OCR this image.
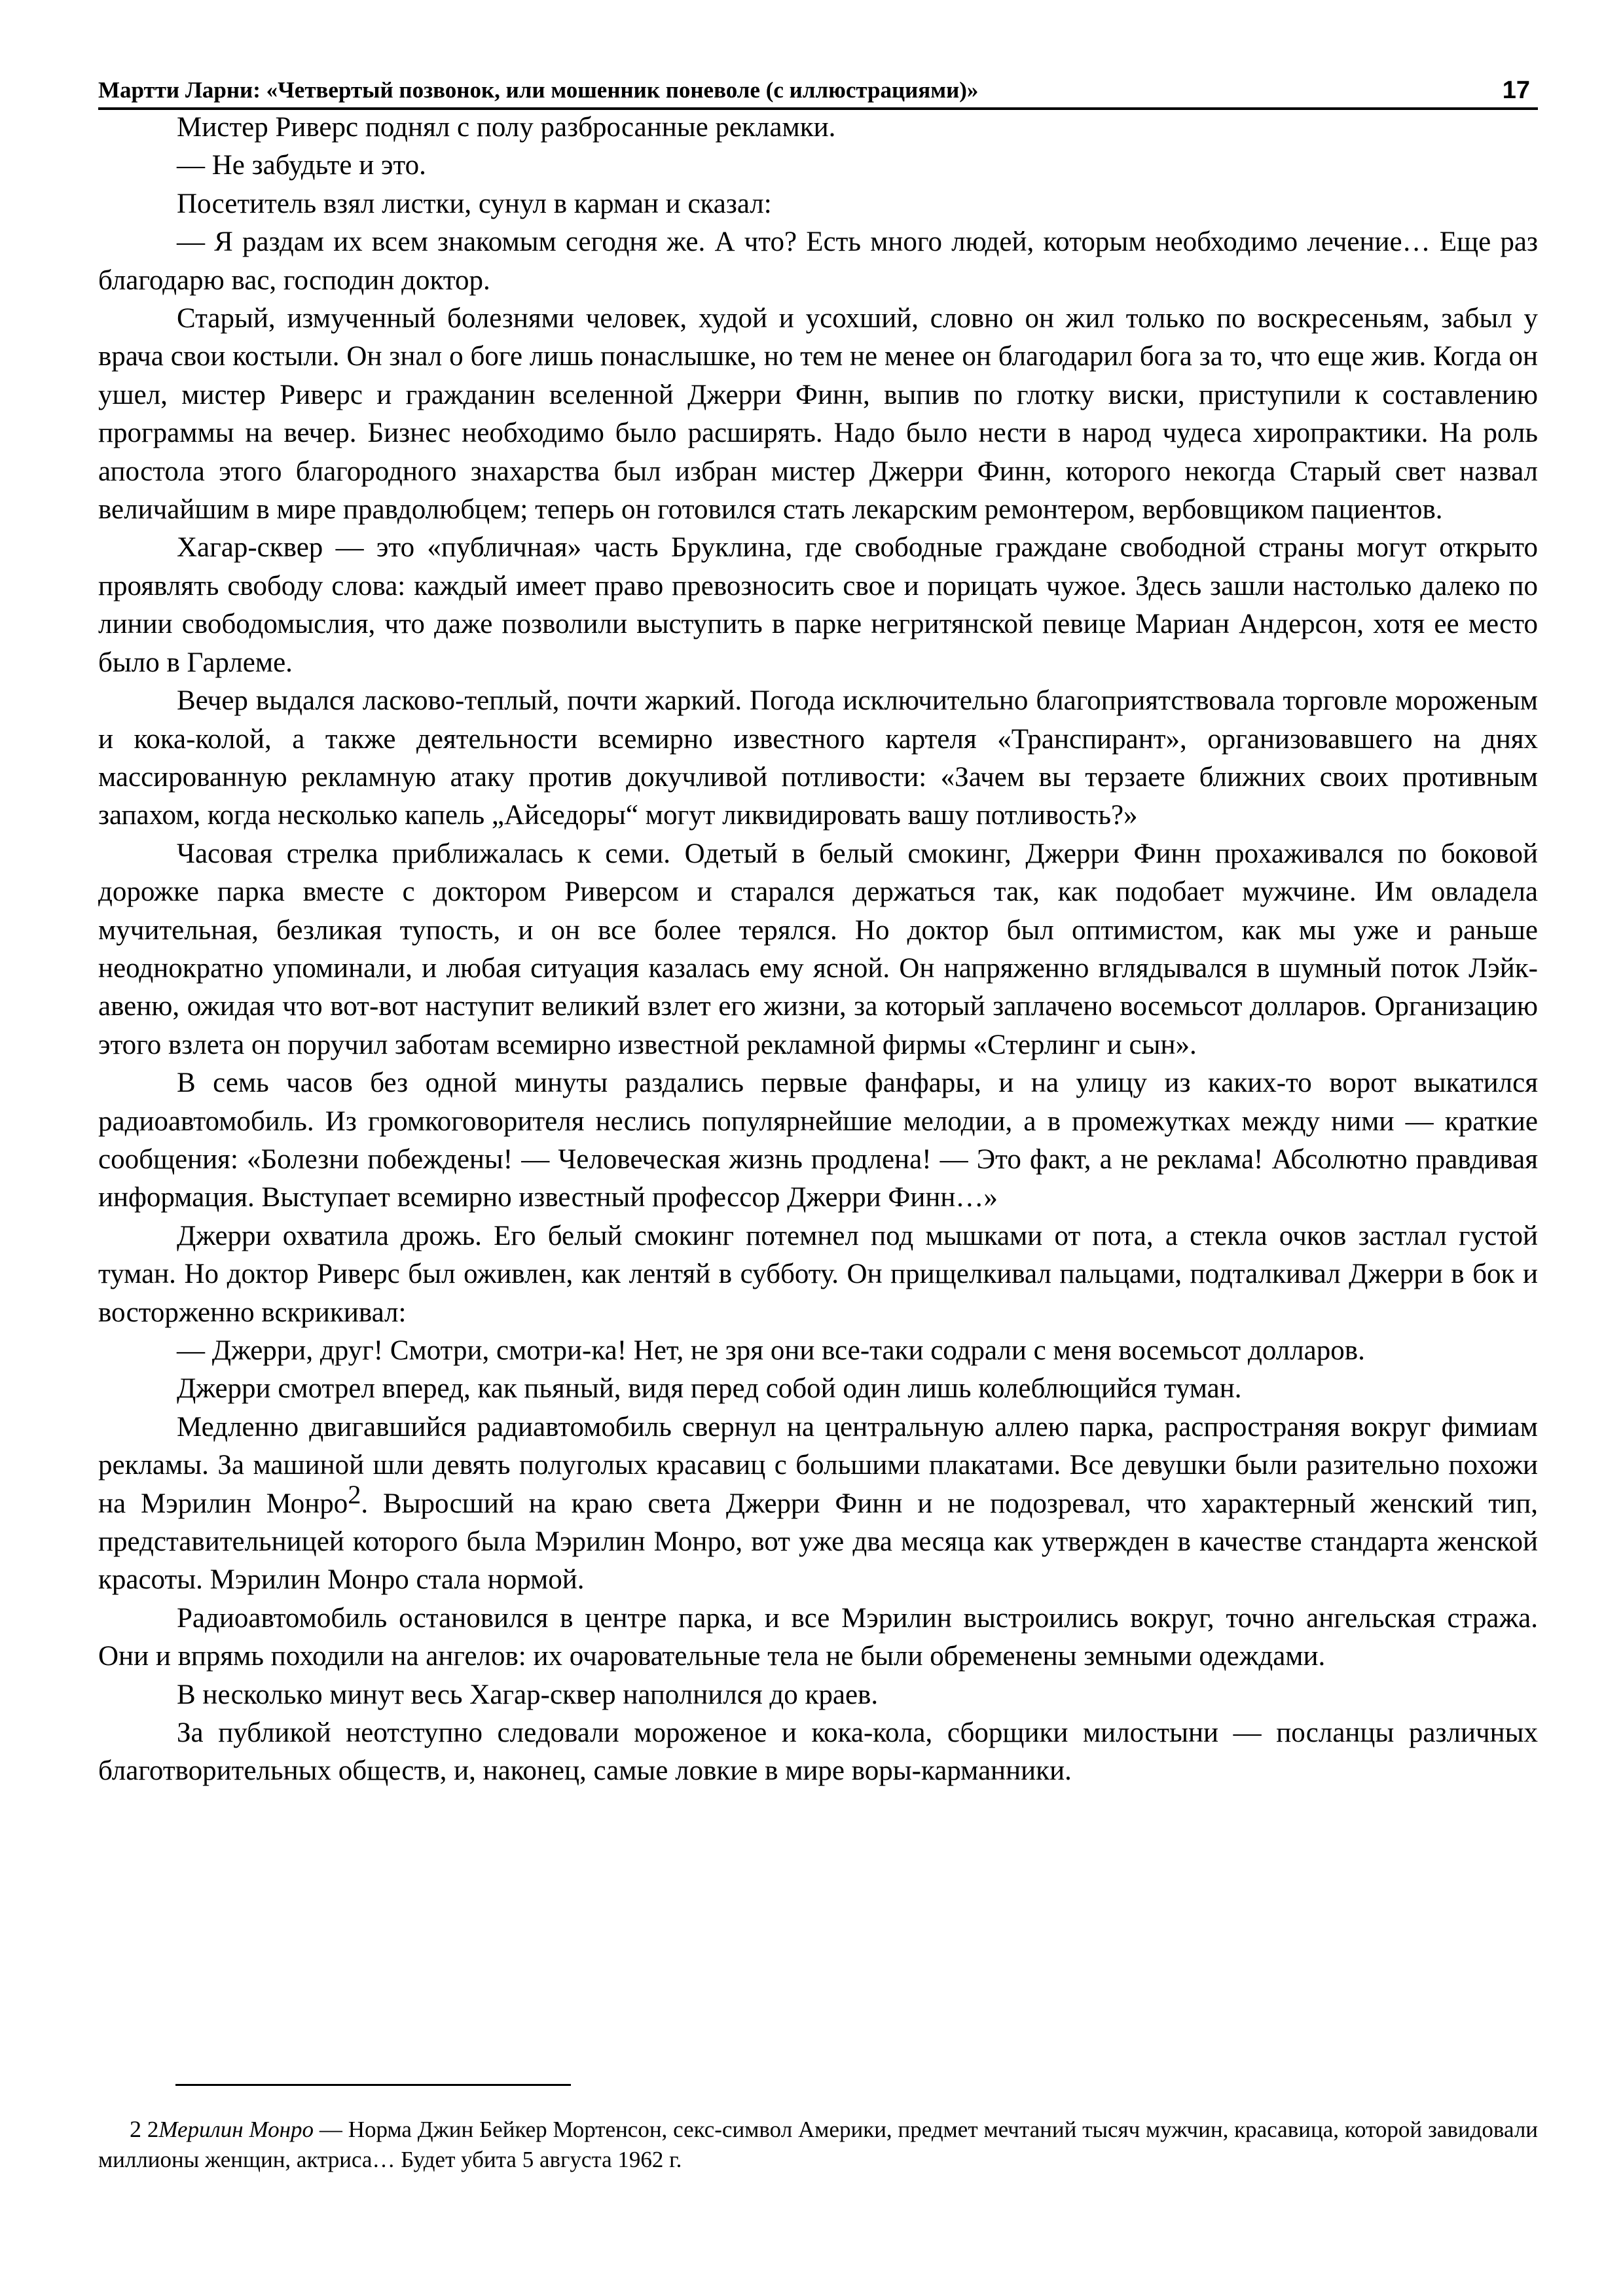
Мартти Ларни: «Четвертый позвонок, или мошенник поневоле (с иллюстрациями)»	17

Мистер Риверс поднял с полу разбросанные рекламки.

— Не забудьте и это.

Посетитель взял листки, сунул в карман и сказал:

— Я раздам их всем знакомым сегодня же. А что? Есть много людей, которым необходимо лечение… Еще раз благодарю вас, господин доктор.

Старый, измученный болезнями человек, худой и усохший, словно он жил только по воскресеньям, забыл у врача свои костыли. Он знал о боге лишь понаслышке, но тем не менее он благодарил бога за то, что еще жив. Когда он ушел, мистер Риверс и гражданин вселенной Джерри Финн, выпив по глотку виски, приступили к составлению программы на вечер. Бизнес необходимо было расширять. Надо было нести в народ чудеса хиропрактики. На роль апостола этого благородного знахарства был избран мистер Джерри Финн, которого некогда Старый свет назвал величайшим в мире правдолюбцем; теперь он готовился стать лекарским ремонтером, вербовщиком пациентов.

Хагар-сквер — это «публичная» часть Бруклина, где свободные граждане свободной страны могут открыто проявлять свободу слова: каждый имеет право превозносить свое и порицать чужое. Здесь зашли настолько далеко по линии свободомыслия, что даже позволили выступить в парке негритянской певице Мариан Андерсон, хотя ее место было в Гарлеме.

Вечер выдался ласково-теплый, почти жаркий. Погода исключительно благоприятствовала торговле мороженым и кока-колой, а также деятельности всемирно известного картеля «Транспирант», организовавшего на днях массированную рекламную атаку против докучливой потливости: «Зачем вы терзаете ближних своих противным запахом, когда несколько капель „Айседоры“ могут ликвидировать вашу потливость?»

Часовая стрелка приближалась к семи. Одетый в белый смокинг, Джерри Финн прохаживался по боковой дорожке парка вместе с доктором Риверсом и старался держаться так, как подобает мужчине. Им овладела мучительная, безликая тупость, и он все более терялся. Но доктор был оптимистом, как мы уже и раньше неоднократно упоминали, и любая ситуация казалась ему ясной. Он напряженно вглядывался в шумный поток Лэйк-авеню, ожидая что вот-вот наступит великий взлет его жизни, за который заплачено восемьсот долларов. Организацию этого взлета он поручил заботам всемирно известной рекламной фирмы «Стерлинг и сын».

В семь часов без одной минуты раздались первые фанфары, и на улицу из каких-то ворот выкатился радиоавтомобиль. Из громкоговорителя неслись популярнейшие мелодии, а в промежутках между ними — краткие сообщения: «Болезни побеждены! — Человеческая жизнь продлена! — Это факт, а не реклама! Абсолютно правдивая информация. Выступает всемирно известный профессор Джерри Финн…»

Джерри охватила дрожь. Его белый смокинг потемнел под мышками от пота, а стекла очков застлал густой туман. Но доктор Риверс был оживлен, как лентяй в субботу. Он прищелкивал пальцами, подталкивал Джерри в бок и восторженно вскрикивал:

— Джерри, друг! Смотри, смотри-ка! Нет, не зря они все-таки содрали с меня восемьсот долларов.

Джерри смотрел вперед, как пьяный, видя перед собой один лишь колеблющийся туман.

Медленно двигавшийся радиавтомобиль свернул на центральную аллею парка, распространяя вокруг фимиам рекламы. За машиной шли девять полуголых красавиц с большими плакатами. Все девушки были разительно похожи на Мэрилин Монро2. Выросший на краю света Джерри Финн и не подозревал, что характерный женский тип, представительницей которого была Мэрилин Монро, вот уже два месяца как утвержден в качестве стандарта женской красоты. Мэрилин Монро стала нормой.

Радиоавтомобиль остановился в центре парка, и все Мэрилин выстроились вокруг, точно ангельская стража. Они и впрямь походили на ангелов: их очаровательные тела не были обременены земными одеждами.

В несколько минут весь Хагар-сквер наполнился до краев.

За публикой неотступно следовали мороженое и кока-кола, сборщики милостыни — посланцы различных благотворительных обществ, и, наконец, самые ловкие в мире воры-карманники.

2 2Мерилин Монро — Норма Джин Бейкер Мортенсон, секс-символ Америки, предмет мечтаний тысяч мужчин, красавица, которой завидовали миллионы женщин, актриса… Будет убита 5 августа 1962 г.
